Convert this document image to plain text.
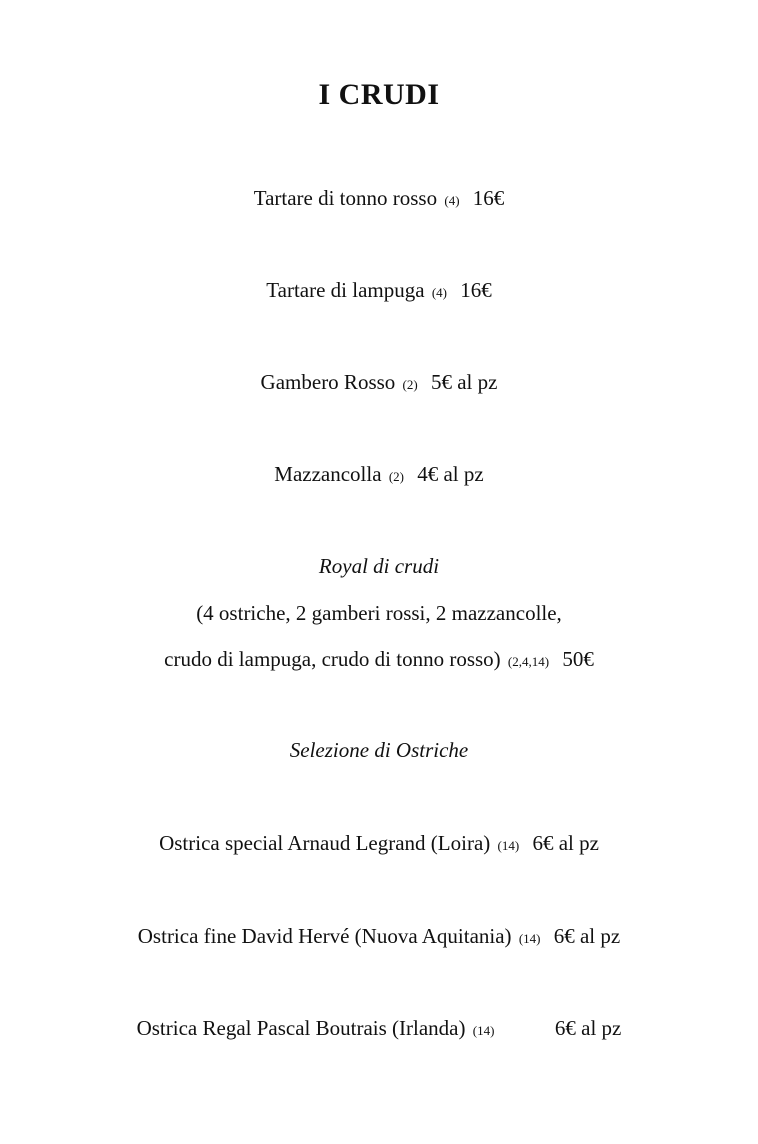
I CRUDI
Tartare di tonno rosso (4) 16€
Tartare di lampuga (4) 16€
Gambero Rosso (2) 5€ al pz
Mazzancolla (2) 4€ al pz
Royal di crudi
(4 ostriche, 2 gamberi rossi, 2 mazzancolle,
crudo di lampuga, crudo di tonno rosso) (2,4,14) 50€
Selezione di Ostriche
Ostrica special Arnaud Legrand (Loira) (14) 6€ al pz
Ostrica fine David Hervé (Nuova Aquitania) (14) 6€ al pz
Ostrica Regal Pascal Boutrais (Irlanda) (14)	6€ al pz
